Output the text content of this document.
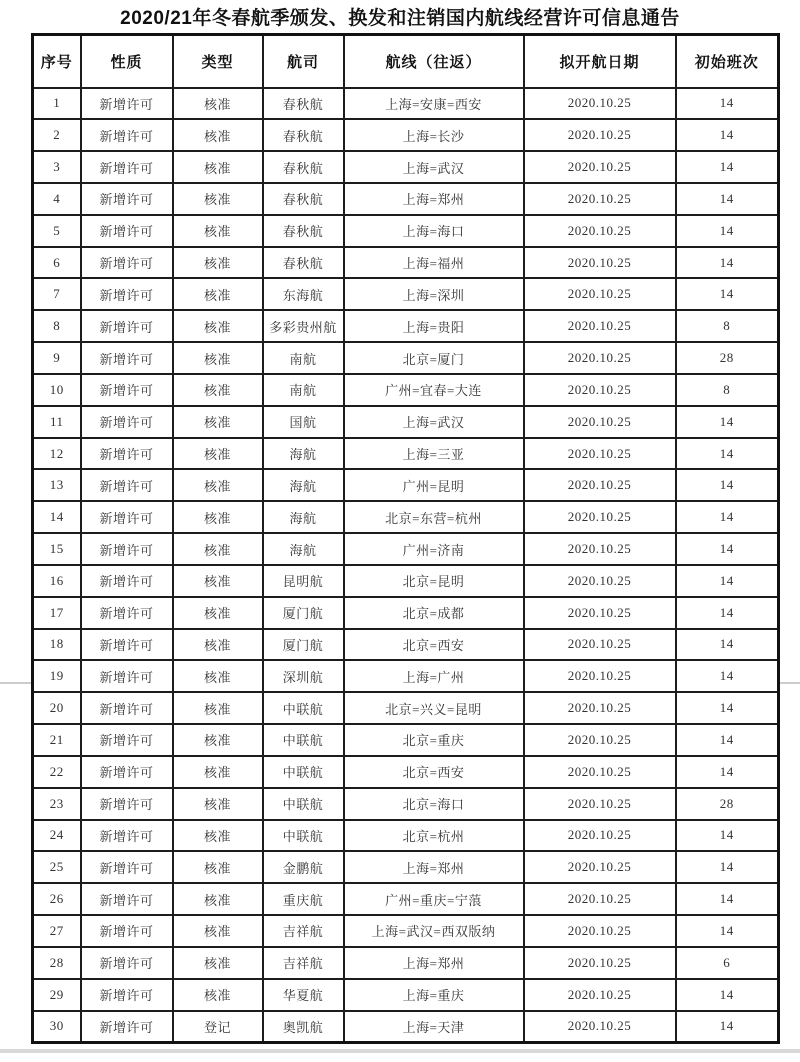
2020/21年冬春航季颁发、换发和注销国内航线经营许可信息通告
序号	性质	类型	航司	航线（往返）	拟开航日期	初始班次
1	新增许可	核准	春秋航	上海=安康=西安	2020.10.25	14
2	新增许可	核准	春秋航	上海=长沙	2020.10.25	14
3	新增许可	核准	春秋航	上海=武汉	2020.10.25	14
4	新增许可	核准	春秋航	上海=郑州	2020.10.25	14
5	新增许可	核准	春秋航	上海=海口	2020.10.25	14
6	新增许可	核准	春秋航	上海=福州	2020.10.25	14
7	新增许可	核准	东海航	上海=深圳	2020.10.25	14
8	新增许可	核准	多彩贵州航	上海=贵阳	2020.10.25	8
9	新增许可	核准	南航	北京=厦门	2020.10.25	28
10	新增许可	核准	南航	广州=宜春=大连	2020.10.25	8
11	新增许可	核准	国航	上海=武汉	2020.10.25	14
12	新增许可	核准	海航	上海=三亚	2020.10.25	14
13	新增许可	核准	海航	广州=昆明	2020.10.25	14
14	新增许可	核准	海航	北京=东营=杭州	2020.10.25	14
15	新增许可	核准	海航	广州=济南	2020.10.25	14
16	新增许可	核准	昆明航	北京=昆明	2020.10.25	14
17	新增许可	核准	厦门航	北京=成都	2020.10.25	14
18	新增许可	核准	厦门航	北京=西安	2020.10.25	14
19	新增许可	核准	深圳航	上海=广州	2020.10.25	14
20	新增许可	核准	中联航	北京=兴义=昆明	2020.10.25	14
21	新增许可	核准	中联航	北京=重庆	2020.10.25	14
22	新增许可	核准	中联航	北京=西安	2020.10.25	14
23	新增许可	核准	中联航	北京=海口	2020.10.25	28
24	新增许可	核准	中联航	北京=杭州	2020.10.25	14
25	新增许可	核准	金鹏航	上海=郑州	2020.10.25	14
26	新增许可	核准	重庆航	广州=重庆=宁蒗	2020.10.25	14
27	新增许可	核准	吉祥航	上海=武汉=西双版纳	2020.10.25	14
28	新增许可	核准	吉祥航	上海=郑州	2020.10.25	6
29	新增许可	核准	华夏航	上海=重庆	2020.10.25	14
30	新增许可	登记	奥凯航	上海=天津	2020.10.25	14
